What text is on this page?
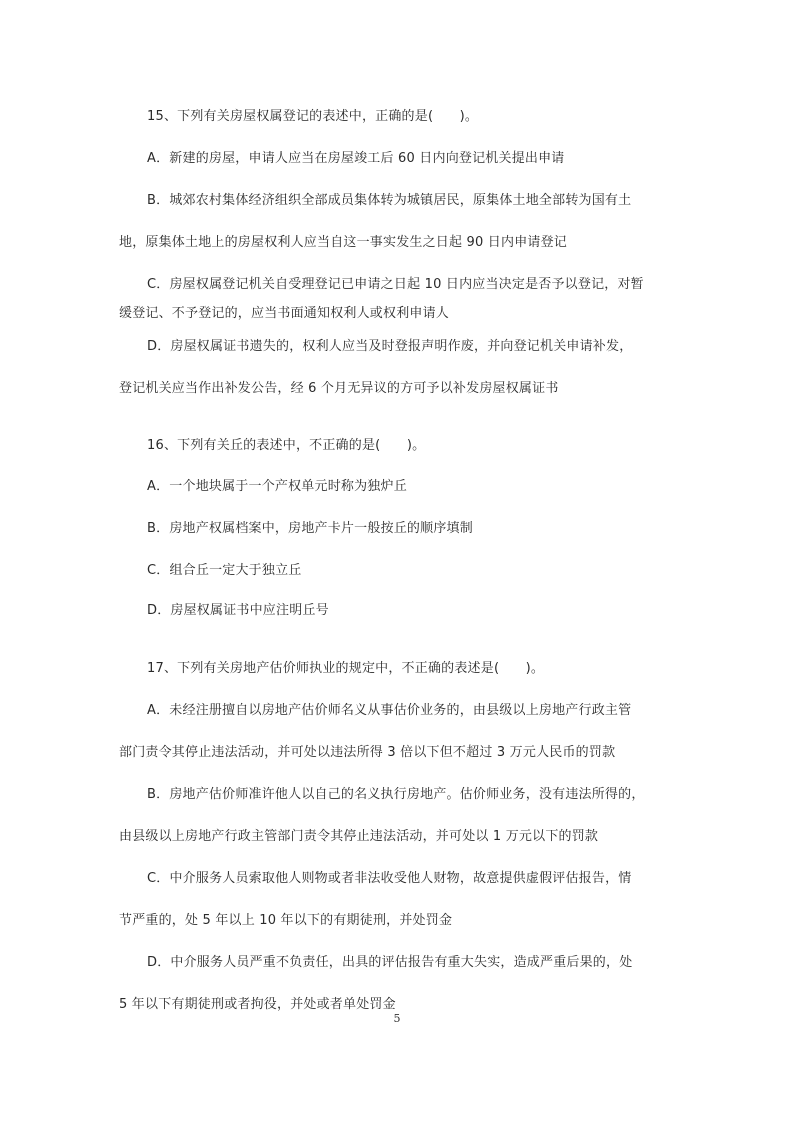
15、下列有关房屋权属登记的表述中，正确的是(　　)。
A．新建的房屋，申请人应当在房屋竣工后 60 日内向登记机关提出申请
B．城郊农村集体经济组织全部成员集体转为城镇居民，原集体土地全部转为国有土
地，原集体土地上的房屋权利人应当自这一事实发生之日起 90 日内申请登记
C．房屋权属登记机关自受理登记已申请之日起 10 日内应当决定是否予以登记，对暂
缓登记、不予登记的，应当书面通知权利人或权利申请人
D．房屋权属证书遗失的，权利人应当及时登报声明作废，并向登记机关申请补发，
登记机关应当作出补发公告，经 6 个月无异议的方可予以补发房屋权属证书
16、下列有关丘的表述中，不正确的是(　　)。
A．一个地块属于一个产权单元时称为独炉丘
B．房地产权属档案中，房地产卡片一般按丘的顺序填制
C．组合丘一定大于独立丘
D．房屋权属证书中应注明丘号
17、下列有关房地产估价师执业的规定中，不正确的表述是(　　)。
A．未经注册擅自以房地产估价师名义从事估价业务的，由县级以上房地产行政主管
部门责令其停止违法活动，并可处以违法所得 3 倍以下但不超过 3 万元人民币的罚款
B．房地产估价师准许他人以自己的名义执行房地产。估价师业务，没有违法所得的，
由县级以上房地产行政主管部门责令其停止违法活动，并可处以 1 万元以下的罚款
C．中介服务人员索取他人则物或者非法收受他人财物，故意提供虚假评估报告，情
节严重的，处 5 年以上 10 年以下的有期徒刑，并处罚金
D．中介服务人员严重不负责任，出具的评估报告有重大失实，造成严重后果的，处
5 年以下有期徒刑或者拘役，并处或者单处罚金
5
